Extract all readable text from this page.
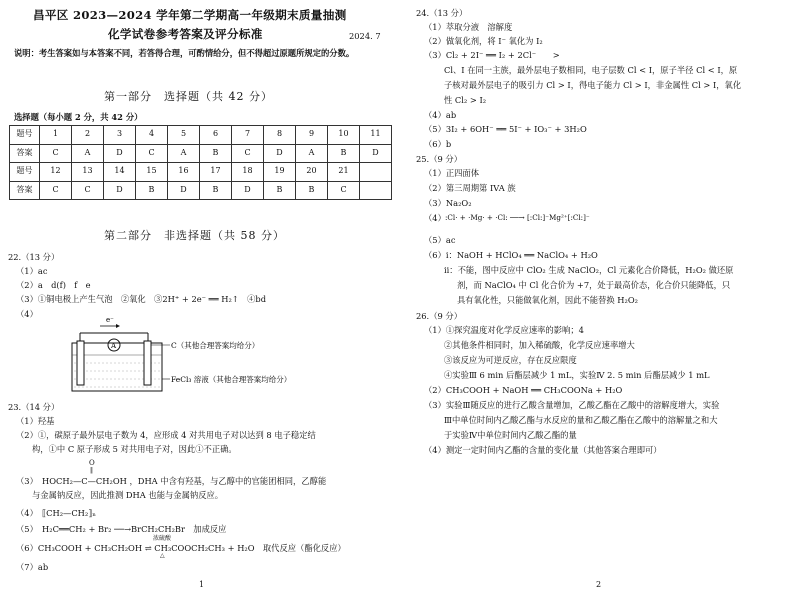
昌平区 2023—2024 学年第二学期高一年级期末质量抽测
化学试卷参考答案及评分标准	2024. 7
说明：考生答案如与本答案不同，若答得合理，可酌情给分，但不得超过原题所规定的分数。
第一部分　选择题（共 42 分）
选择题（每小题 2 分，共 42 分）
题号	1	2	3	4	5	6	7	8	9	10	11
答案	C	A	D	C	A	B	C	D	A	B	D
题号	12	13	14	15	16	17	18	19	20	21	
答案	C	C	D	B	D	B	D	B	B	C	
第二部分　非选择题（共 58 分）
22.（13 分）
（1）ac
（2）a　d(f)　f　e
（3）①铜电极上产生气泡　②氧化　③2H⁺ + 2e⁻ ══ H₂↑　④bd
（4）
e⁻
A	C（其他合理答案均给分）
FeCl₃ 溶液（其他合理答案均给分）
23.（14 分）
（1）羟基
（2）①，碳原子最外层电子数为 4，应形成 4 对共用电子对以达到 8 电子稳定结
构，①中 C 原子形成 5 对共用电子对，因此①不正确。
O
‖
（3）　HOCH₂—C—CH₂OH ，DHA 中含有羟基，与乙醇中的官能团相同，乙醇能
与金属钠反应，因此推测 DHA 也能与金属钠反应。
（4）　⟦CH₂—CH₂⟧ₙ
（5）　H₂C══CH₂ + Br₂ ──→BrCH₂CH₂Br　加成反应
浓硫酸
△
（6）CH₃COOH + CH₃CH₂OH ⇌ CH₃COOCH₂CH₃ + H₂O　取代反应（酯化反应）
（7）ab
1
24.（13 分）
（1）萃取分液　溶解度
（2）做氧化剂，将 I⁻ 氧化为 I₂
（3）Cl₂ + 2I⁻ ══ I₂ + 2Cl⁻　　>
Cl、I 在同一主族，最外层电子数相同，电子层数 Cl < I，原子半径 Cl < I，原
子核对最外层电子的吸引力 Cl > I，得电子能力 Cl > I，非金属性 Cl > I，氧化
性 Cl₂ > I₂
（4）ab
（5）3I₂ + 6OH⁻ ══ 5I⁻ + IO₃⁻ + 3H₂O
（6）b
25.（9 分）
（1）正四面体
（2）第三周期第 IVA 族
（3）Na₂O₂
（4） :Cl· + ·Mg· + ·Cl: ──→ [:Cl:]⁻Mg²⁺[:Cl:]⁻
（5）ac
（6）i：NaOH + HClO₄ ══ NaClO₄ + H₂O
ii：不能，图中反应中 ClO₂ 生成 NaClO₂，Cl 元素化合价降低，H₂O₂ 做还原
剂，而 NaClO₄ 中 Cl 化合价为 +7，处于最高价态，化合价只能降低，只
具有氧化性，只能做氧化剂，因此不能替换 H₂O₂
26.（9 分）
（1）①探究温度对化学反应速率的影响；4
②其他条件相同时，加入稀硫酸，化学反应速率增大
③该反应为可逆反应，存在反应限度
④实验Ⅲ 6 min 后酯层减少 1 mL，实验Ⅳ 2. 5 min 后酯层减少 1 mL
（2）CH₃COOH + NaOH ══ CH₃COONa + H₂O
（3）实验Ⅲ随反应的进行乙酸含量增加，乙酸乙酯在乙酸中的溶解度增大，实验
Ⅲ中单位时间内乙酸乙酯与水反应的量和乙酸乙酯在乙酸中的溶解量之和大
于实验Ⅳ中单位时间内乙酸乙酯的量
（4）测定一定时间内乙酯的含量的变化量（其他答案合理即可）
2
